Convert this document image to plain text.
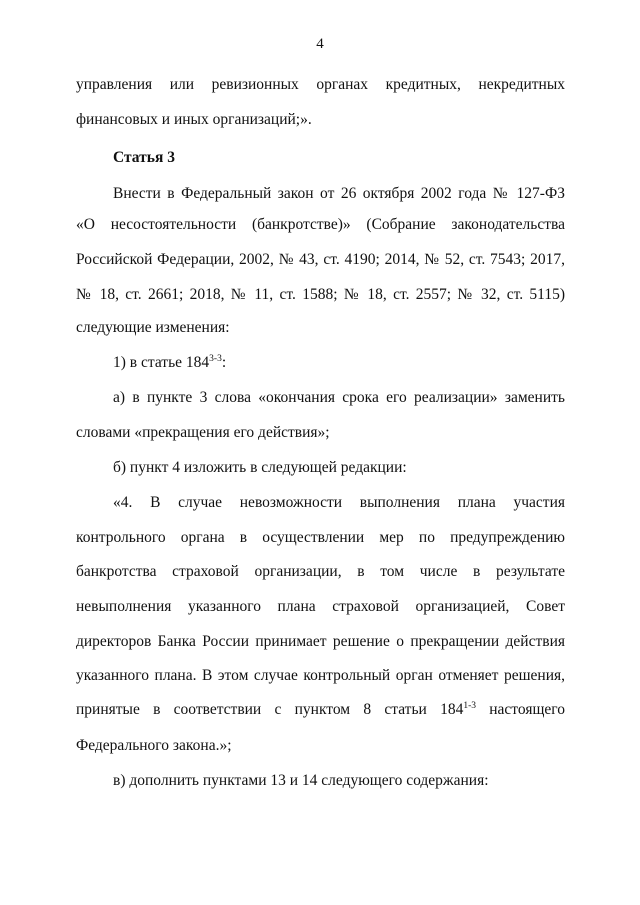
4
управления или ревизионных органах кредитных, некредитных
финансовых и иных организаций;».
Статья 3
Внести в Федеральный закон от 26 октября 2002 года № 127-ФЗ
«О несостоятельности (банкротстве)» (Собрание законодательства
Российской Федерации, 2002, № 43, ст. 4190; 2014, № 52, ст. 7543; 2017,
№ 18, ст. 2661; 2018, № 11, ст. 1588; № 18, ст. 2557; № 32, ст. 5115)
следующие изменения:
1) в статье 184$^{3-3}$:
а) в пункте 3 слова «окончания срока его реализации» заменить
словами «прекращения его действия»;
б) пункт 4 изложить в следующей редакции:
«4. В случае невозможности выполнения плана участия
контрольного органа в осуществлении мер по предупреждению
банкротства страховой организации, в том числе в результате
невыполнения указанного плана страховой организацией, Совет
директоров Банка России принимает решение о прекращении действия
указанного плана. В этом случае контрольный орган отменяет решения,
принятые в соответствии с пунктом 8 статьи 184$^{1-3}$ настоящего
Федерального закона.»;
в) дополнить пунктами 13 и 14 следующего содержания:
